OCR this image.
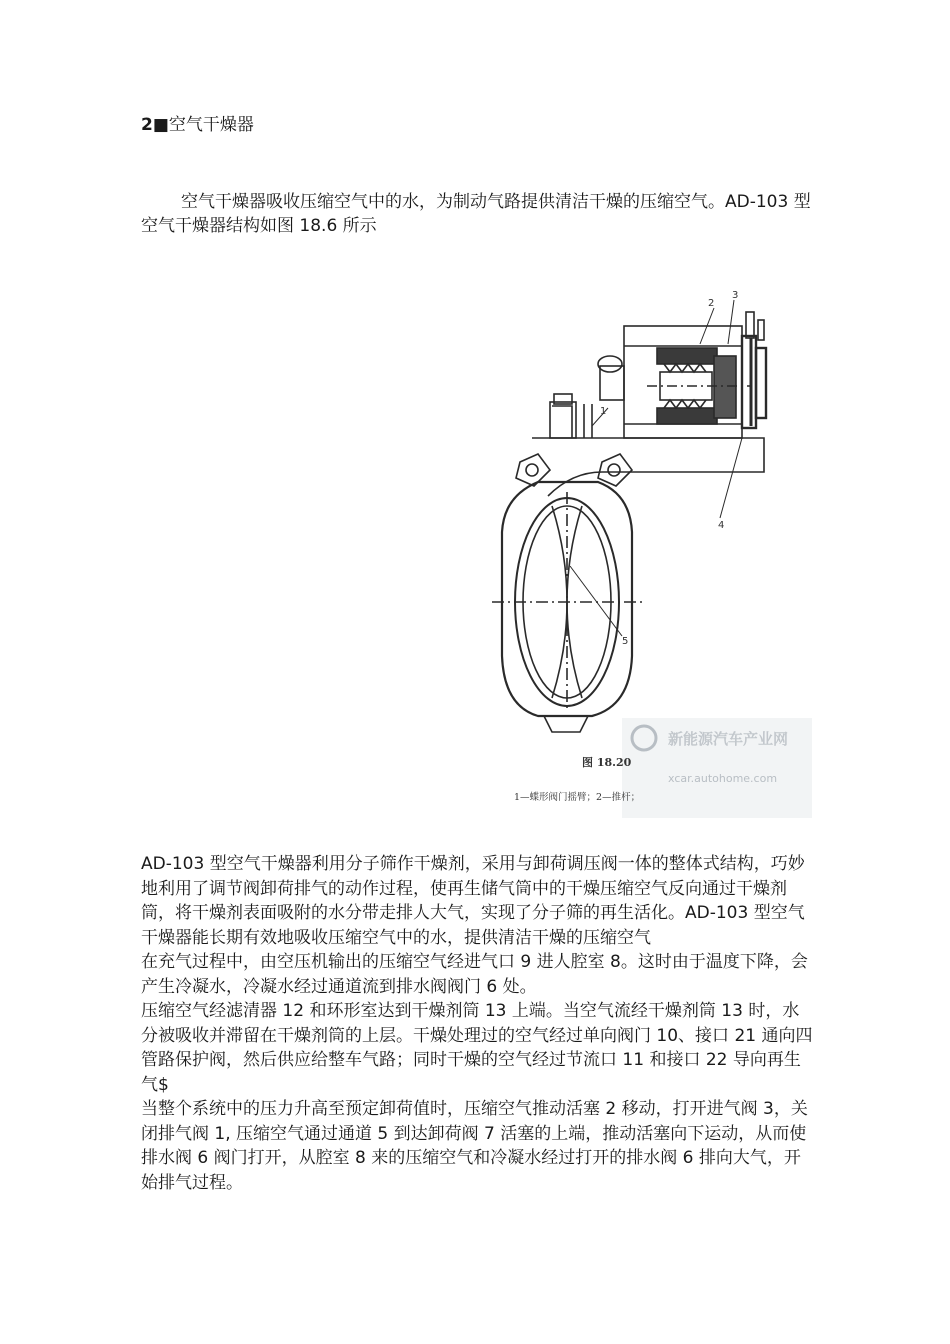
2■空气干燥器
空气干燥器吸收压缩空气中的水，为制动气路提供清洁干燥的压缩空气。AD-103 型空气干燥器结构如图 18.6 所示
2
3
1
4
5
新能源汽车产业网
xcar.autohome.com
图 18.20
1—蝶形阀门摇臂；2—推杆；

AD-103 型空气干燥器利用分子筛作干燥剂，采用与卸荷调压阀一体的整体式结构，巧妙地利用了调节阀卸荷排气的动作过程，使再生储气筒中的干燥压缩空气反向通过干燥剂筒，将干燥剂表面吸附的水分带走排人大气，实现了分子筛的再生活化。AD-103 型空气干燥器能长期有效地吸收压缩空气中的水，提供清洁干燥的压缩空气

在充气过程中，由空压机输出的压缩空气经进气口 9 进人腔室 8。这时由于温度下降，会产生冷凝水，冷凝水经过通道流到排水阀阀门 6 处。

压缩空气经滤清器 12 和环形室达到干燥剂筒 13 上端。当空气流经干燥剂筒 13 时，水分被吸收并滞留在干燥剂筒的上层。干燥处理过的空气经过单向阀门 10、接口 21 通向四管路保护阀，然后供应给整车气路；同时干燥的空气经过节流口 11 和接口 22 导向再生气$

当整个系统中的压力升高至预定卸荷值时，压缩空气推动活塞 2 移动，打开进气阀 3，关闭排气阀 1, 压缩空气通过通道 5 到达卸荷阀 7 活塞的上端，推动活塞向下运动，从而使排水阀 6 阀门打开，从腔室 8 来的压缩空气和冷凝水经过打开的排水阀 6 排向大气，开始排气过程。
